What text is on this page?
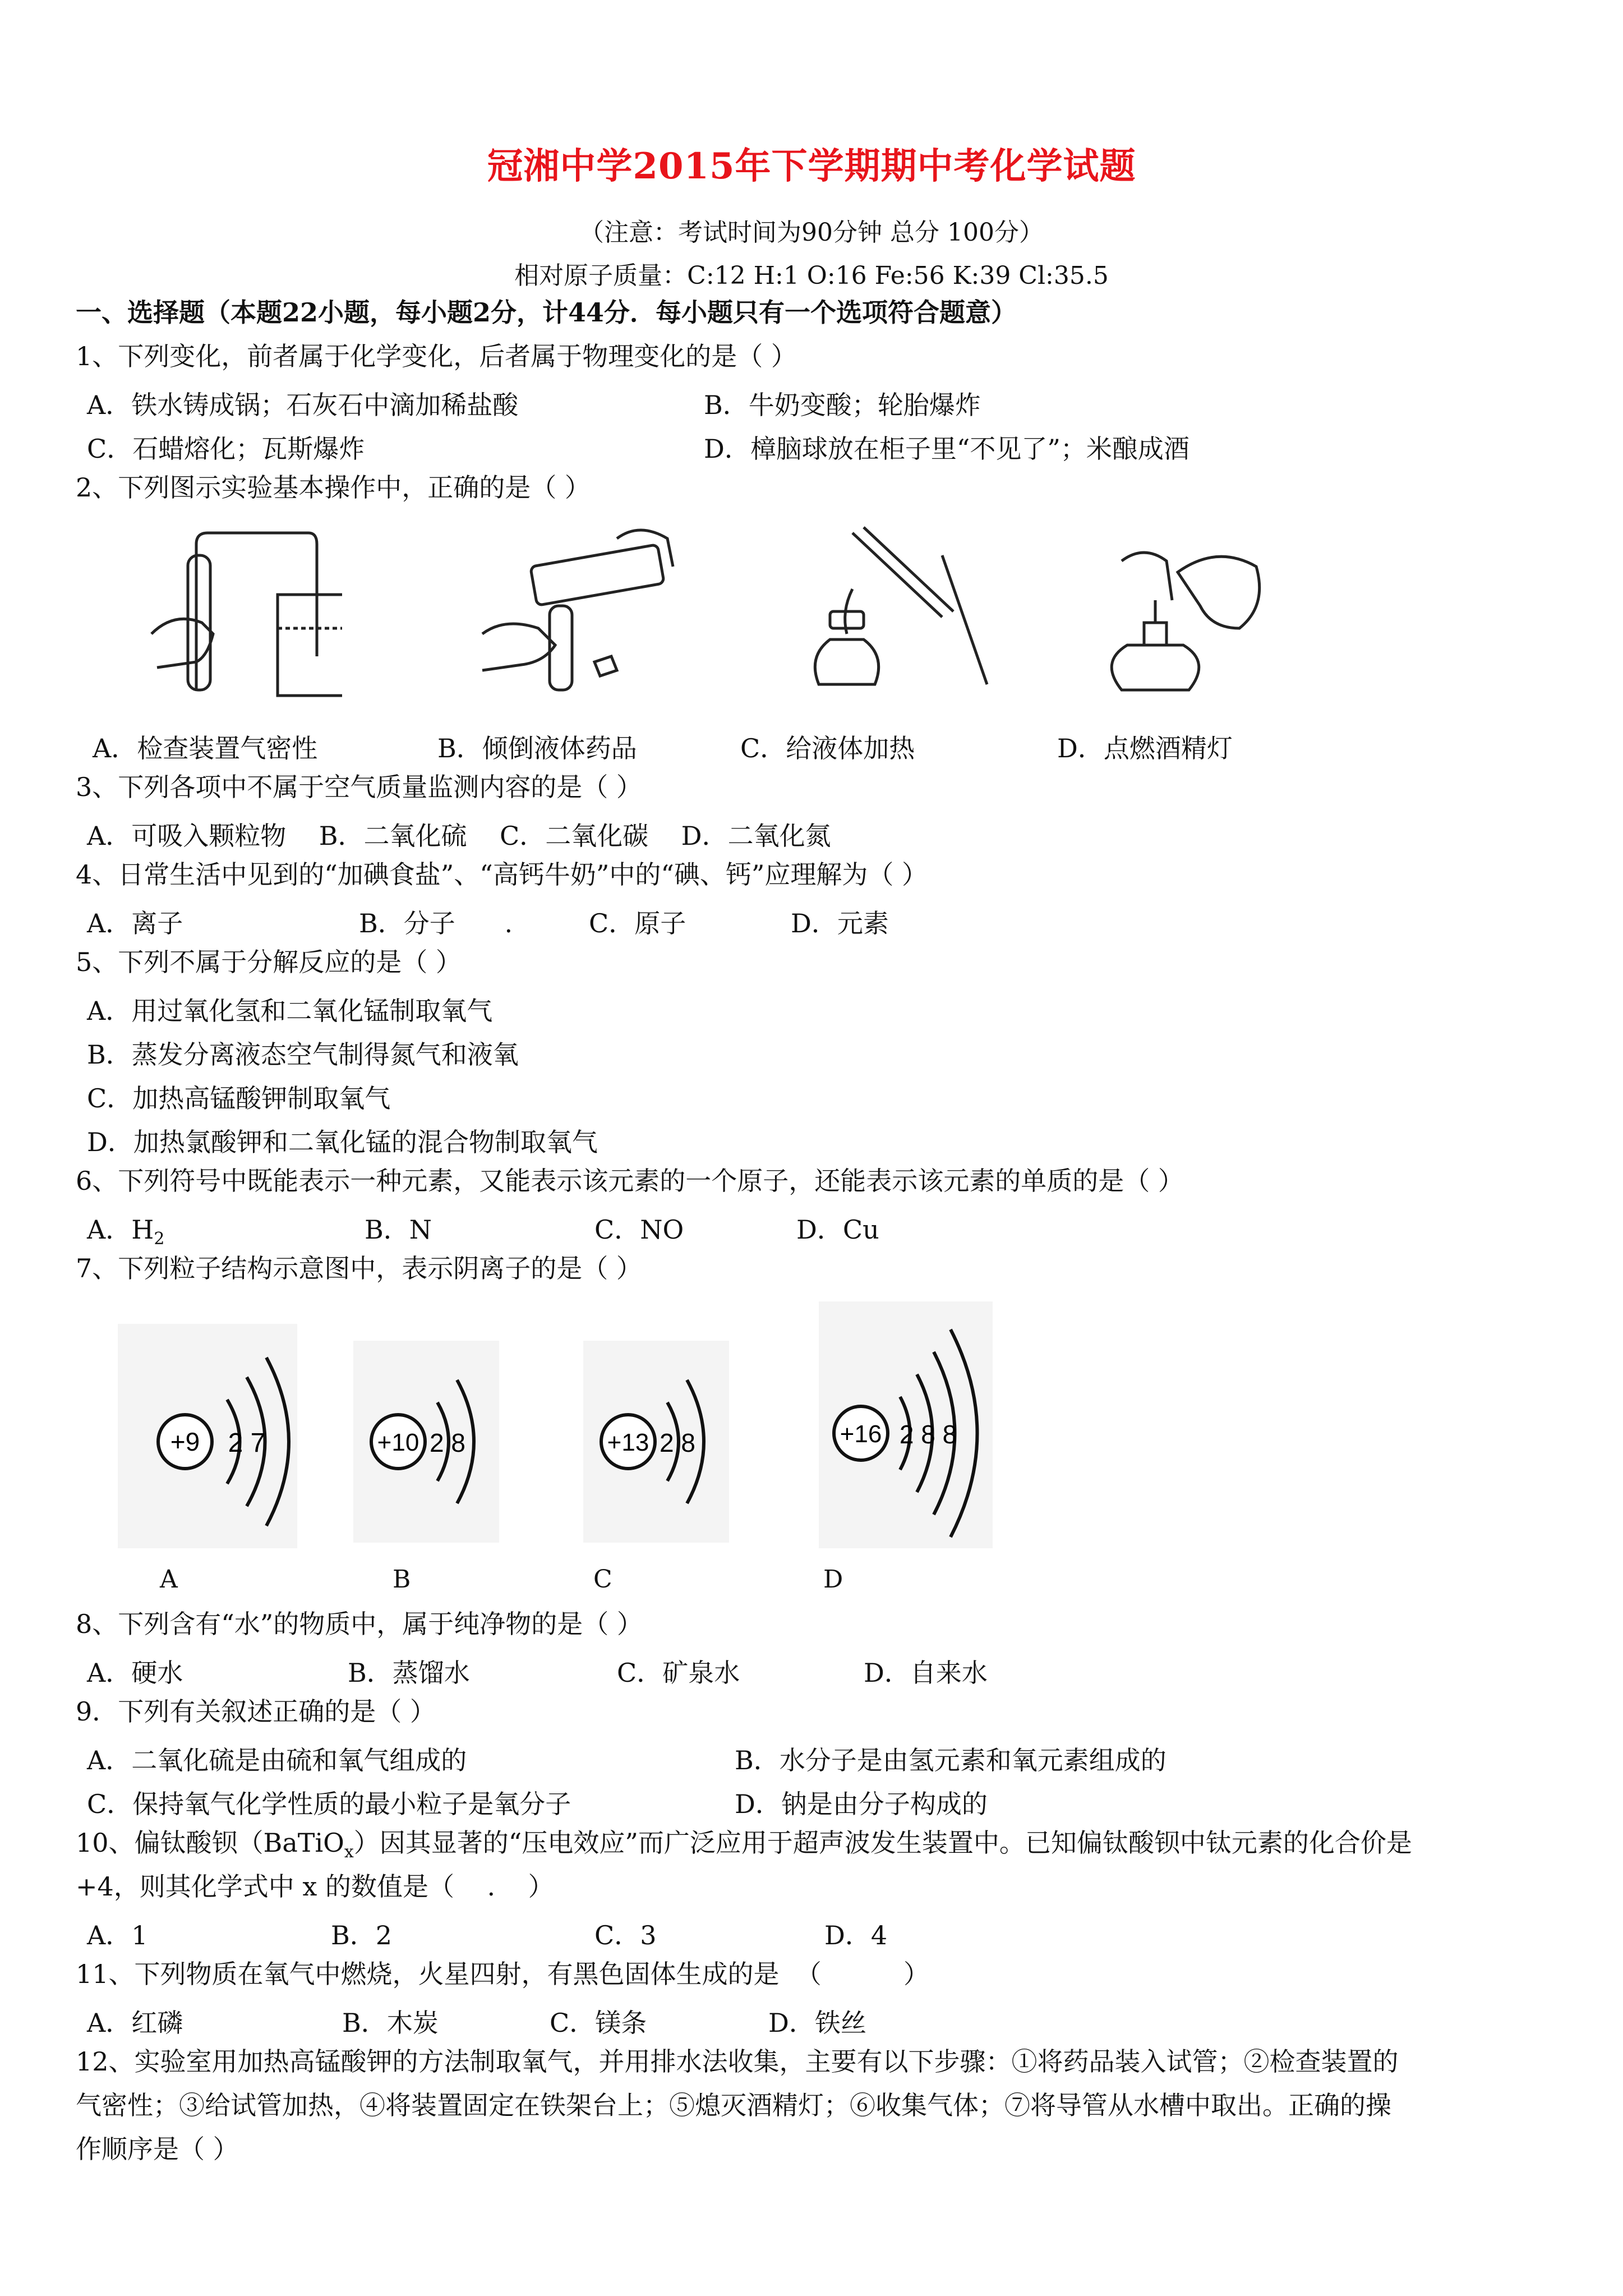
冠湘中学2015年下学期期中考化学试题
（注意：考试时间为90分钟 总分 100分）
相对原子质量：C:12 H:1 O:16 Fe:56 K:39 Cl:35.5
一、选择题（本题22小题，每小题2分，计44分．每小题只有一个选项符合题意）
1、下列变化，前者属于化学变化，后者属于物理变化的是（ ）
A．铁水铸成锅；石灰石中滴加稀盐酸	B．牛奶变酸；轮胎爆炸
C．石蜡熔化；瓦斯爆炸	D．樟脑球放在柜子里“不见了”；米酿成酒
2、下列图示实验基本操作中，正确的是（ ）
A．检查装置气密性	B．倾倒液体药品	C．给液体加热	D．点燃酒精灯
3、下列各项中不属于空气质量监测内容的是（ ）
A．可吸入颗粒物    B．二氧化硫    C．二氧化碳    D．二氧化氮
4、日常生活中见到的“加碘食盐”、“高钙牛奶”中的“碘、钙”应理解为（ ）
A．离子	B．分子      .	C．原子	D．元素
5、下列不属于分解反应的是（ ）
A．用过氧化氢和二氧化锰制取氧气
B．蒸发分离液态空气制得氮气和液氧
C．加热高锰酸钾制取氧气
D．加热氯酸钾和二氧化锰的混合物制取氧气
6、下列符号中既能表示一种元素，又能表示该元素的一个原子，还能表示该元素的单质的是（ ）
A．$H_2$	B．N	C．NO	D．Cu
7、下列粒子结构示意图中，表示阴离子的是（ ）
+9 2 7	+10 2 8	+13 2 8	+16 2 8 8
A	B	C	D
8、下列含有“水”的物质中，属于纯净物的是（ ）
A．硬水	B．蒸馏水	C．矿泉水	D．自来水
9．下列有关叙述正确的是（ ）
A．二氧化硫是由硫和氧气组成的	B．水分子是由氢元素和氧元素组成的
C．保持氧气化学性质的最小粒子是氧分子	D．钠是由分子构成的
10、偏钛酸钡（BaTiO$_x$）因其显著的“压电效应”而广泛应用于超声波发生装置中。已知偏钛酸钡中钛元素的化合价是
+4，则其化学式中 x 的数值是（    .    ）
A．1	B．2	C．3	D．4
11、下列物质在氧气中燃烧，火星四射，有黑色固体生成的是  （          ）
A．红磷	B．木炭	C．镁条	D．铁丝
12、实验室用加热高锰酸钾的方法制取氧气，并用排水法收集，主要有以下步骤：①将药品装入试管；②检查装置的
气密性；③给试管加热，④将装置固定在铁架台上；⑤熄灭酒精灯；⑥收集气体；⑦将导管从水槽中取出。正确的操
作顺序是（ ）
